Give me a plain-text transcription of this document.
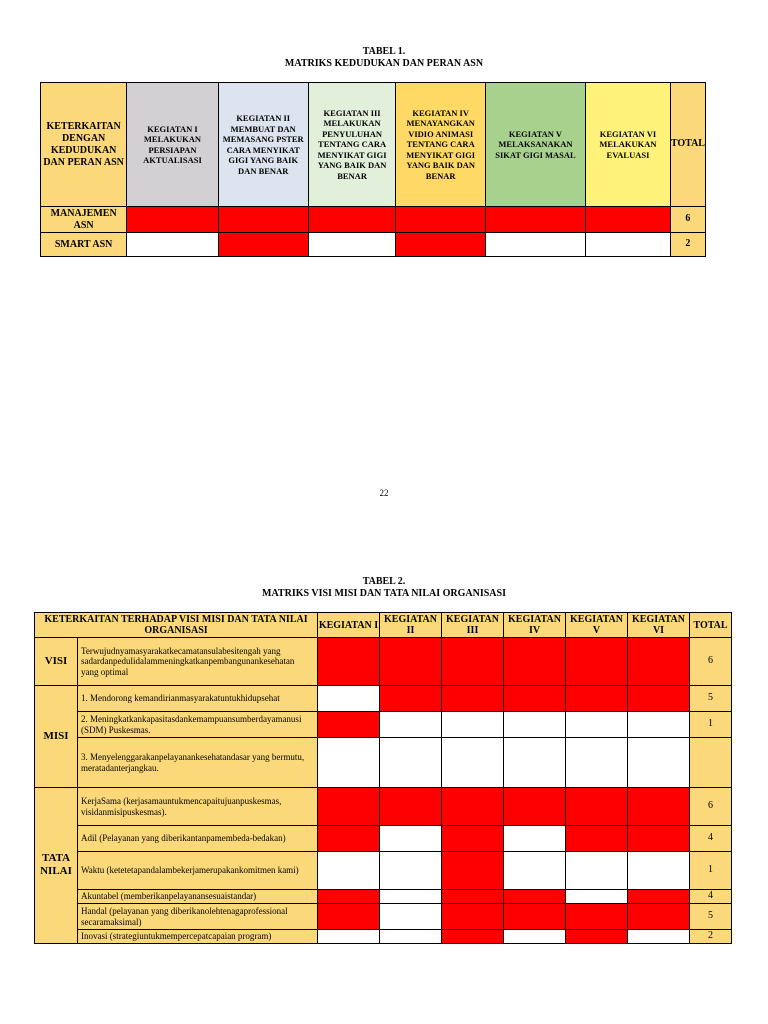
TABEL 1.
MATRIKS KEDUDUKAN DAN PERAN ASN
KETERKAITAN DENGAN KEDUDUKAN DAN PERAN ASN	KEGIATAN I MELAKUKAN PERSIAPAN AKTUALISASI	KEGIATAN II MEMBUAT DAN MEMASANG PSTER CARA MENYIKAT GIGI YANG BAIK DAN BENAR	KEGIATAN III MELAKUKAN PENYULUHAN TENTANG CARA MENYIKAT GIGI YANG BAIK DAN BENAR	KEGIATAN IV MENAYANGKAN VIDIO ANIMASI TENTANG CARA MENYIKAT GIGI YANG BAIK DAN BENAR	KEGIATAN V MELAKSANAKAN SIKAT GIGI MASAL	KEGIATAN VI MELAKUKAN EVALUASI	TOTAL
MANAJEMEN ASN							6
SMART ASN							2
22
TABEL 2.
MATRIKS VISI MISI DAN TATA NILAI ORGANISASI
KETERKAITAN TERHADAP VISI MISI DAN TATA NILAI ORGANISASI		KEGIATAN I	KEGIATAN II	KEGIATAN III	KEGIATAN IV	KEGIATAN V	KEGIATAN VI	TOTAL
VISI	Terwujudnyamasyarakatkecamatansulabesitengah yang sadardanpedulidalammeningkatkanpembangunankesehatan yang optimal							6
MISI	1. Mendorong kemandirianmasyarakatuntukhidupsehat							5
	2. Meningkatkankapasitasdankemampuansumberdayamanusi (SDM) Puskesmas.							1
	3. Menyelenggarakanpelayanankesehatandasar yang bermutu, meratadanterjangkau.							
TATA NILAI	KerjaSama (kerjasamauntukmencapaitujuanpuskesmas, visidanmisipuskesmas).							6
	Adil (Pelayanan yang diberikantanpamembeda-bedakan)							4
	Waktu (ketetetapandalambekerjamerupakankomitmen kami)							1
	Akuntabel (memberikanpelayanansesuaistandar)							4
	Handal (pelayanan yang diberikanolehtenagaprofessional secaramaksimal)							5
	Inovasi (strategiuntukmempercepatcapaian program)							2
